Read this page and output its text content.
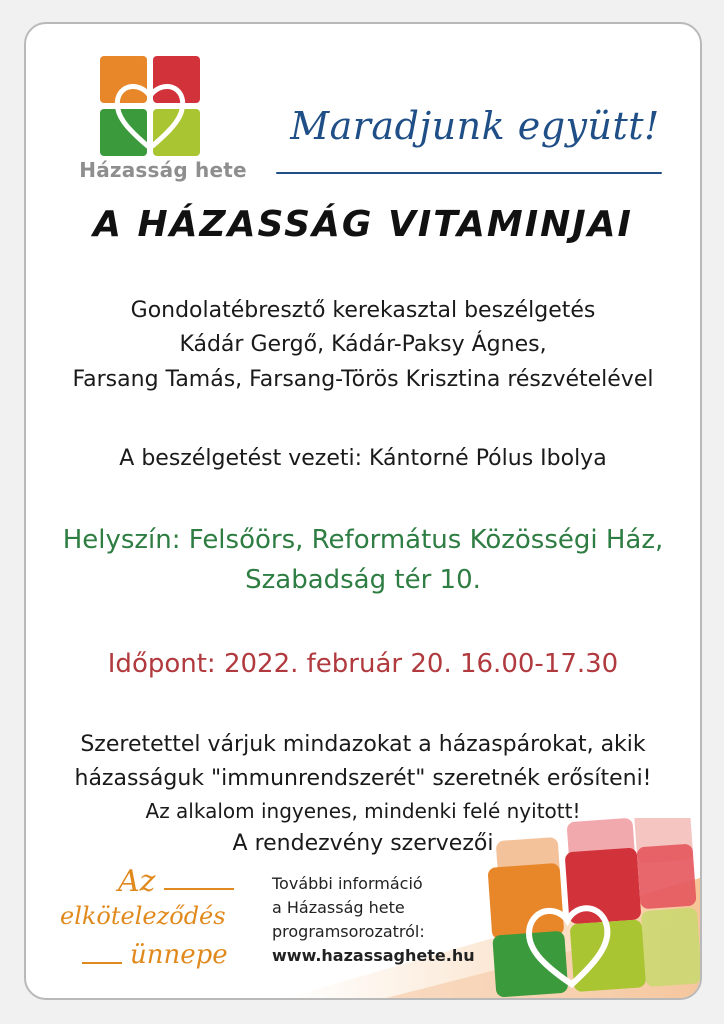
Házasság hete
Maradjunk együtt!
A HÁZASSÁG VITAMINJAI
Gondolatébresztő kerekasztal beszélgetés
Kádár Gergő, Kádár-Paksy Ágnes,
Farsang Tamás, Farsang-Törös Krisztina részvételével
A beszélgetést vezeti: Kántorné Pólus Ibolya
Helyszín: Felsőörs, Református Közösségi Ház,
Szabadság tér 10.
Időpont: 2022. február 20. 16.00-17.30
Szeretettel várjuk mindazokat a házaspárokat, akik
házasságuk "immunrendszerét" szeretnék erősíteni!
Az alkalom ingyenes, mindenki felé nyitott!
A rendezvény szervezői
Az
elköteleződés
ünnepe
További információ
a Házasság hete
programsorozatról:
www.hazassaghete.hu
